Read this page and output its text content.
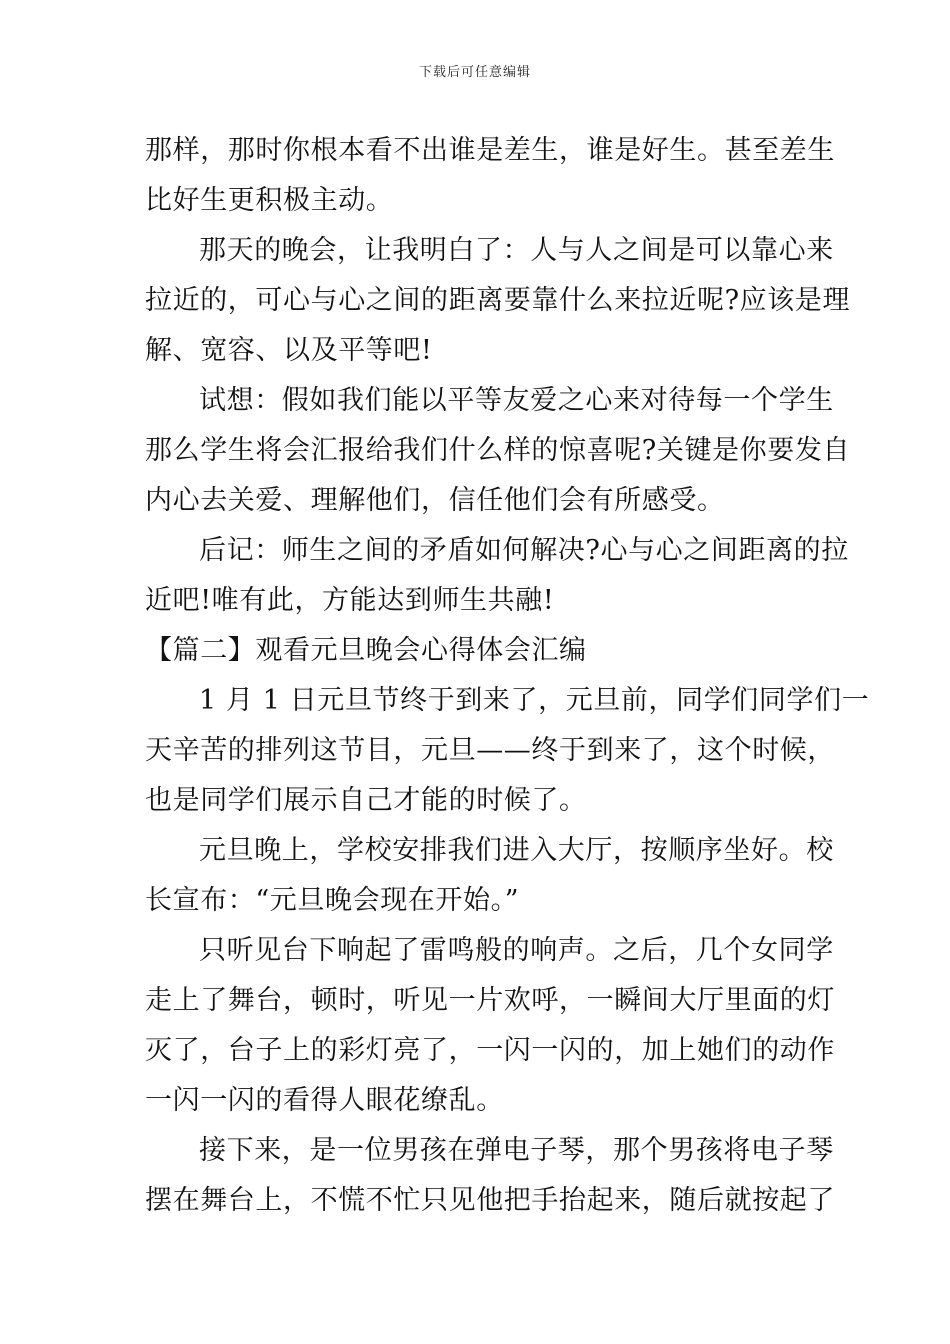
下载后可任意编辑
那样，那时你根本看不出谁是差生，谁是好生。甚至差生
比好生更积极主动。
那天的晚会，让我明白了：人与人之间是可以靠心来
拉近的，可心与心之间的距离要靠什么来拉近呢?应该是理
解、宽容、以及平等吧!
试想：假如我们能以平等友爱之心来对待每一个学生
那么学生将会汇报给我们什么样的惊喜呢?关键是你要发自
内心去关爱、理解他们，信任他们会有所感受。
后记：师生之间的矛盾如何解决?心与心之间距离的拉
近吧!唯有此，方能达到师生共融!
【篇二】观看元旦晚会心得体会汇编
1 月 1 日元旦节终于到来了，元旦前，同学们同学们一
天辛苦的排列这节目，元旦——终于到来了，这个时候，
也是同学们展示自己才能的时候了。
元旦晚上，学校安排我们进入大厅，按顺序坐好。校
长宣布：“元旦晚会现在开始。”
只听见台下响起了雷鸣般的响声。之后，几个女同学
走上了舞台，顿时，听见一片欢呼，一瞬间大厅里面的灯
灭了，台子上的彩灯亮了，一闪一闪的，加上她们的动作
一闪一闪的看得人眼花缭乱。
接下来，是一位男孩在弹电子琴，那个男孩将电子琴
摆在舞台上，不慌不忙只见他把手抬起来，随后就按起了
